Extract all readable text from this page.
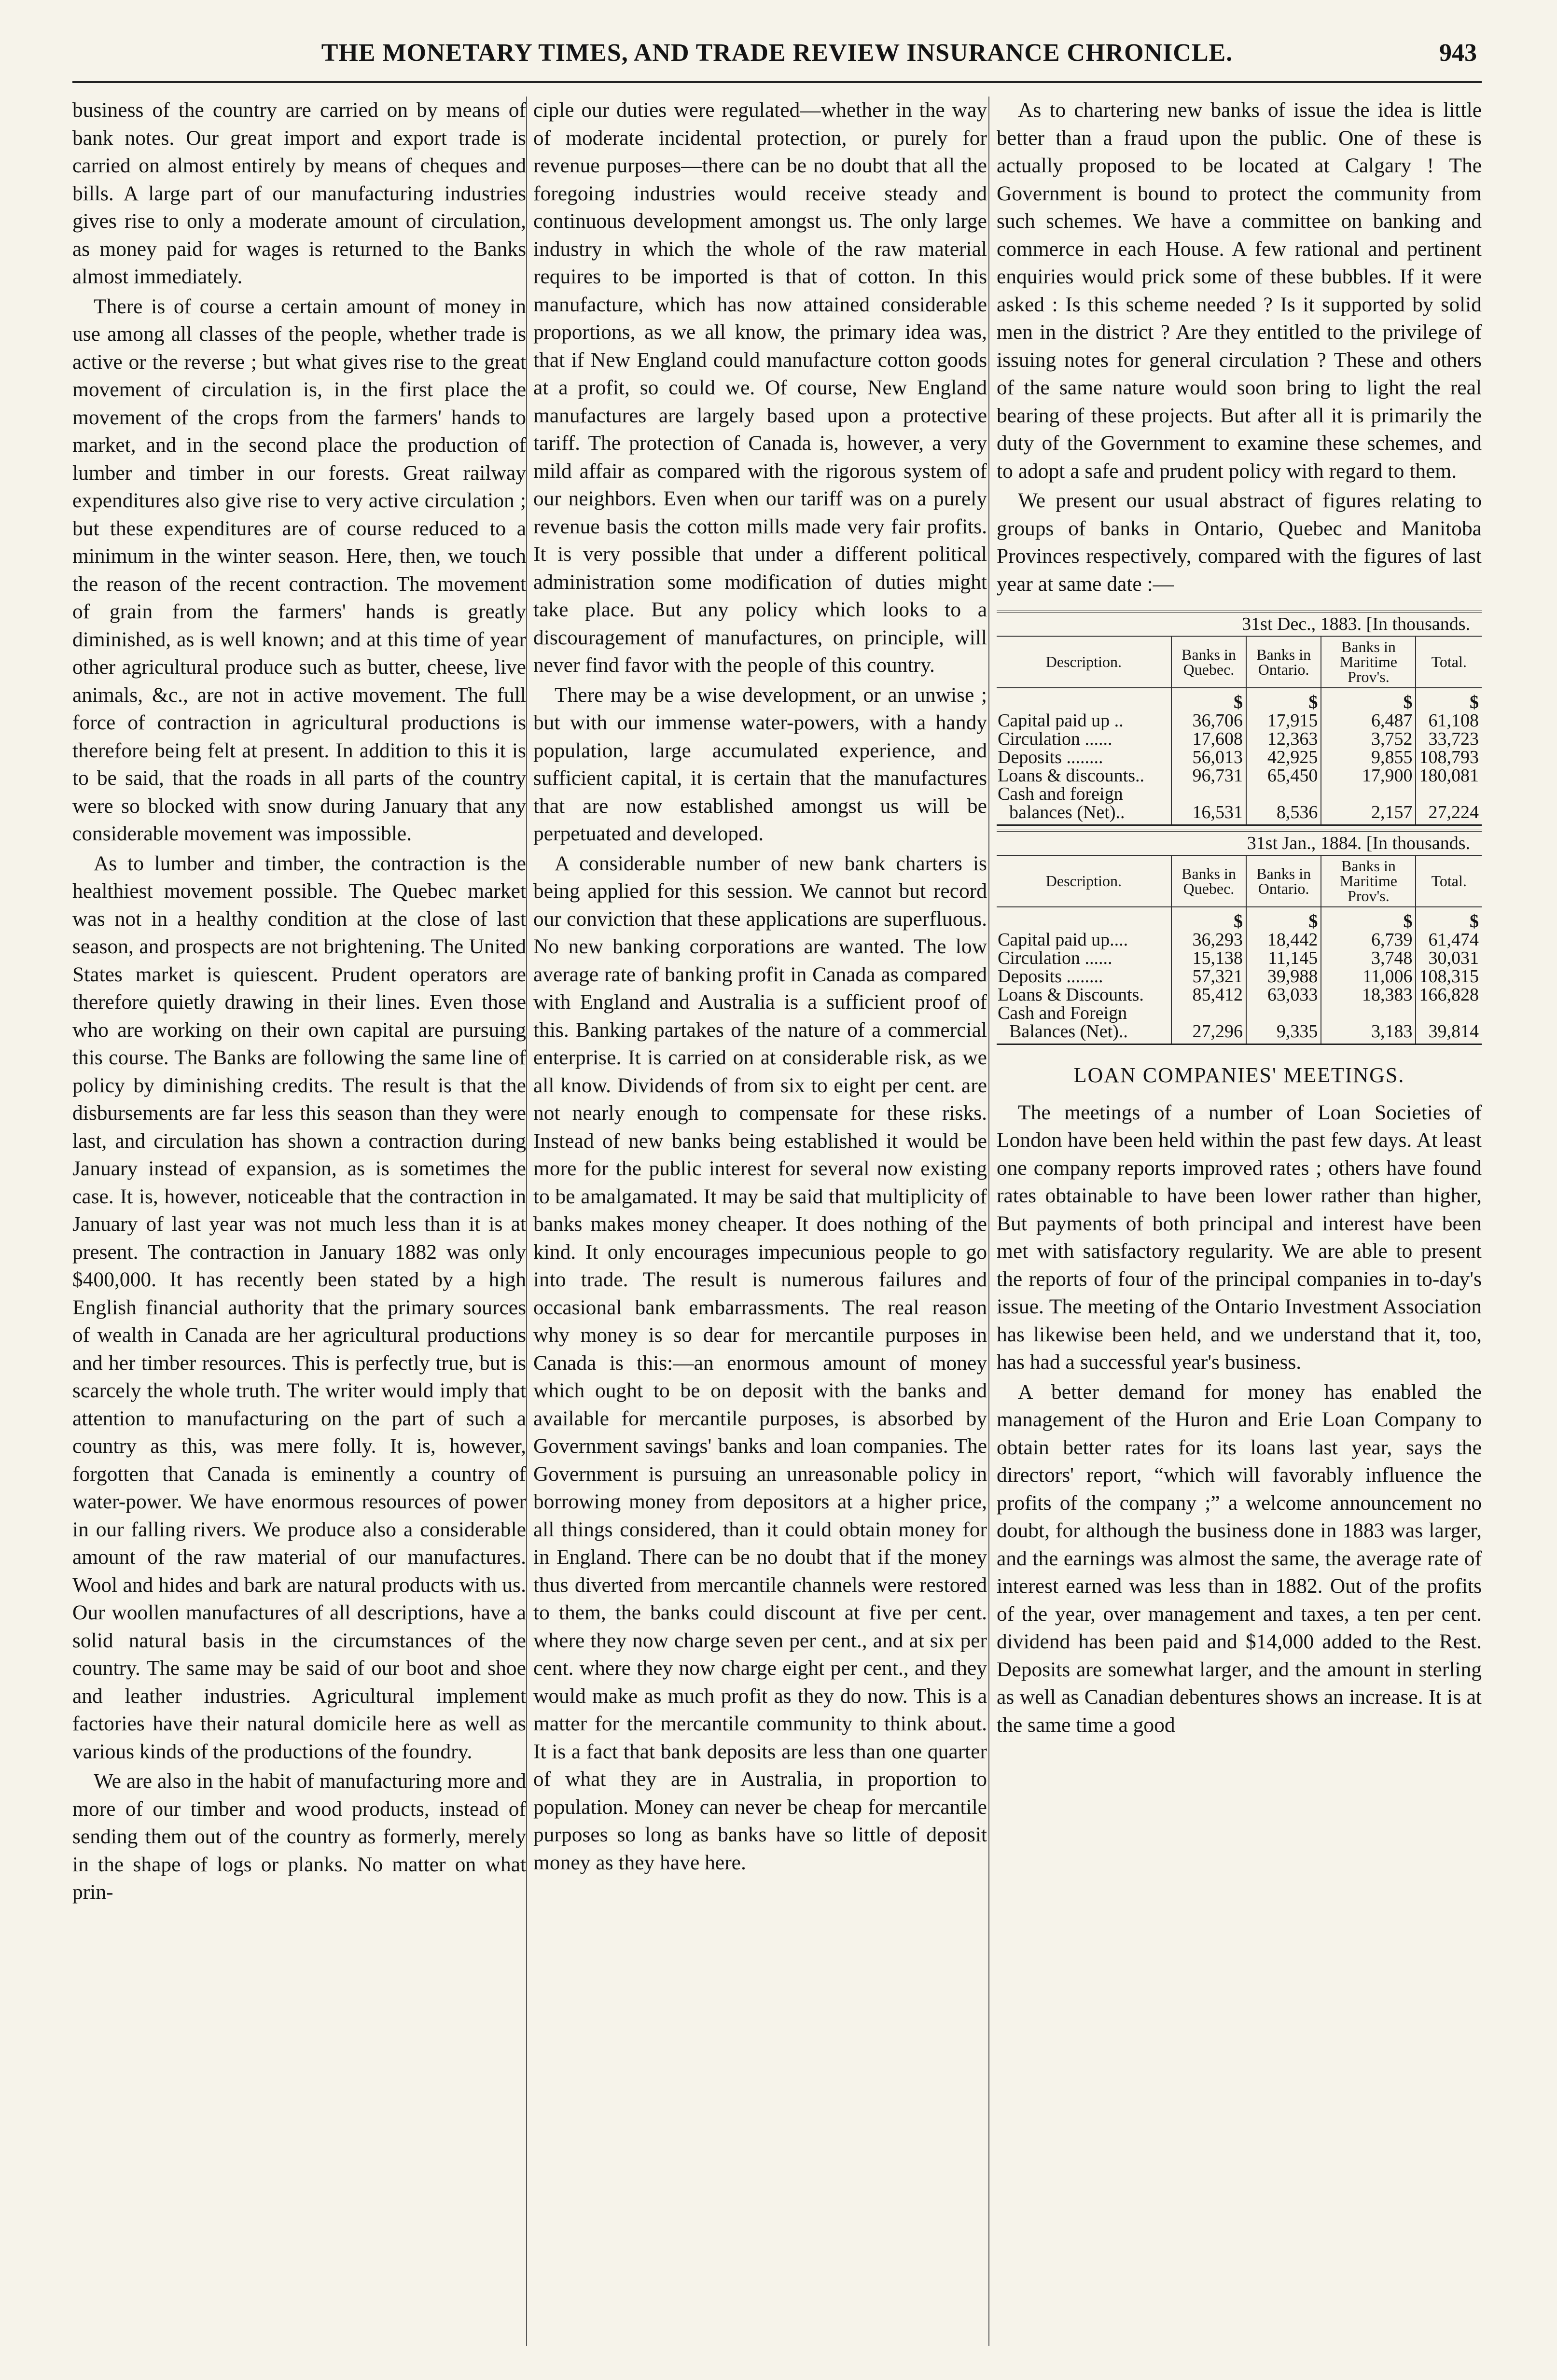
THE MONETARY TIMES, AND TRADE REVIEW INSURANCE CHRONICLE.	943

business of the country are carried on by means of bank notes. Our great import and export trade is carried on almost entirely by means of cheques and bills. A large part of our manufacturing industries gives rise to only a moderate amount of circulation, as money paid for wages is returned to the Banks almost immediately.

There is of course a certain amount of money in use among all classes of the people, whether trade is active or the reverse ; but what gives rise to the great movement of circulation is, in the first place the movement of the crops from the farmers' hands to market, and in the second place the production of lumber and timber in our forests. Great railway expenditures also give rise to very active circulation ; but these expenditures are of course reduced to a minimum in the winter season. Here, then, we touch the reason of the recent contraction. The movement of grain from the farmers' hands is greatly diminished, as is well known; and at this time of year other agricultural produce such as butter, cheese, live animals, &c., are not in active movement. The full force of contraction in agricultural productions is therefore being felt at present. In addition to this it is to be said, that the roads in all parts of the country were so blocked with snow during January that any considerable movement was impossible.

As to lumber and timber, the contraction is the healthiest movement possible. The Quebec market was not in a healthy condition at the close of last season, and prospects are not brightening. The United States market is quiescent. Prudent operators are therefore quietly drawing in their lines. Even those who are working on their own capital are pursuing this course. The Banks are following the same line of policy by diminishing credits. The result is that the disbursements are far less this season than they were last, and circulation has shown a contraction during January instead of expansion, as is sometimes the case. It is, however, noticeable that the contraction in January of last year was not much less than it is at present. The contraction in January 1882 was only $400,000. It has recently been stated by a high English financial authority that the primary sources of wealth in Canada are her agricultural productions and her timber resources. This is perfectly true, but is scarcely the whole truth. The writer would imply that attention to manufacturing on the part of such a country as this, was mere folly. It is, however, forgotten that Canada is eminently a country of water-power. We have enormous resources of power in our falling rivers. We produce also a considerable amount of the raw material of our manufactures. Wool and hides and bark are natural products with us. Our woollen manufactures of all descriptions, have a solid natural basis in the circumstances of the country. The same may be said of our boot and shoe and leather industries. Agricultural implement factories have their natural domicile here as well as various kinds of the productions of the foundry.

We are also in the habit of manufacturing more and more of our timber and wood products, instead of sending them out of the country as formerly, merely in the shape of logs or planks. No matter on what prin-

ciple our duties were regulated—whether in the way of moderate incidental protection, or purely for revenue purposes—there can be no doubt that all the foregoing industries would receive steady and continuous development amongst us. The only large industry in which the whole of the raw material requires to be imported is that of cotton. In this manufacture, which has now attained considerable proportions, as we all know, the primary idea was, that if New England could manufacture cotton goods at a profit, so could we. Of course, New England manufactures are largely based upon a protective tariff. The protection of Canada is, however, a very mild affair as compared with the rigorous system of our neighbors. Even when our tariff was on a purely revenue basis the cotton mills made very fair profits. It is very possible that under a different political administration some modification of duties might take place. But any policy which looks to a discouragement of manufactures, on principle, will never find favor with the people of this country.

There may be a wise development, or an unwise ; but with our immense water-powers, with a handy population, large accumulated experience, and sufficient capital, it is certain that the manufactures that are now established amongst us will be perpetuated and developed.

A considerable number of new bank charters is being applied for this session. We cannot but record our conviction that these applications are superfluous. No new banking corporations are wanted. The low average rate of banking profit in Canada as compared with England and Australia is a sufficient proof of this. Banking partakes of the nature of a commercial enterprise. It is carried on at considerable risk, as we all know. Dividends of from six to eight per cent. are not nearly enough to compensate for these risks. Instead of new banks being established it would be more for the public interest for several now existing to be amalgamated. It may be said that multiplicity of banks makes money cheaper. It does nothing of the kind. It only encourages impecunious people to go into trade. The result is numerous failures and occasional bank embarrassments. The real reason why money is so dear for mercantile purposes in Canada is this:—an enormous amount of money which ought to be on deposit with the banks and available for mercantile purposes, is absorbed by Government savings' banks and loan companies. The Government is pursuing an unreasonable policy in borrowing money from depositors at a higher price, all things considered, than it could obtain money for in England. There can be no doubt that if the money thus diverted from mercantile channels were restored to them, the banks could discount at five per cent. where they now charge seven per cent., and at six per cent. where they now charge eight per cent., and they would make as much profit as they do now. This is a matter for the mercantile community to think about. It is a fact that bank deposits are less than one quarter of what they are in Australia, in proportion to population. Money can never be cheap for mercantile purposes so long as banks have so little of deposit money as they have here.

As to chartering new banks of issue the idea is little better than a fraud upon the public. One of these is actually proposed to be located at Calgary ! The Government is bound to protect the community from such schemes. We have a committee on banking and commerce in each House. A few rational and pertinent enquiries would prick some of these bubbles. If it were asked : Is this scheme needed ? Is it supported by solid men in the district ? Are they entitled to the privilege of issuing notes for general circulation ? These and others of the same nature would soon bring to light the real bearing of these projects. But after all it is primarily the duty of the Government to examine these schemes, and to adopt a safe and prudent policy with regard to them.

We present our usual abstract of figures relating to groups of banks in Ontario, Quebec and Manitoba Provinces respectively, compared with the figures of last year at same date :—

31st Dec., 1883. [In thousands.
Description.	Banks in Quebec.	Banks in Ontario.	Banks in Maritime Prov's.	Total.
	$	$	$	$
Capital paid up ..	36,706	17,915	6,487	61,108
Circulation ......	17,608	12,363	3,752	33,723
Deposits ........	56,013	42,925	9,855	108,793
Loans & discounts..	96,731	65,450	17,900	180,081
Cash and foreign				
balances (Net)..	16,531	8,536	2,157	27,224
31st Jan., 1884. [In thousands.
Description.	Banks in Quebec.	Banks in Ontario.	Banks in Maritime Prov's.	Total.
	$	$	$	$
Capital paid up....	36,293	18,442	6,739	61,474
Circulation ......	15,138	11,145	3,748	30,031
Deposits ........	57,321	39,988	11,006	108,315
Loans & Discounts.	85,412	63,033	18,383	166,828
Cash and Foreign				
Balances (Net)..	27,296	9,335	3,183	39,814
LOAN COMPANIES' MEETINGS.

The meetings of a number of Loan Societies of London have been held within the past few days. At least one company reports improved rates ; others have found rates obtainable to have been lower rather than higher, But payments of both principal and interest have been met with satisfactory regularity. We are able to present the reports of four of the principal companies in to-day's issue. The meeting of the Ontario Investment Association has likewise been held, and we understand that it, too, has had a successful year's business.

A better demand for money has enabled the management of the Huron and Erie Loan Company to obtain better rates for its loans last year, says the directors' report, “which will favorably influence the profits of the company ;” a welcome announcement no doubt, for although the business done in 1883 was larger, and the earnings was almost the same, the average rate of interest earned was less than in 1882. Out of the profits of the year, over management and taxes, a ten per cent. dividend has been paid and $14,000 added to the Rest. Deposits are somewhat larger, and the amount in sterling as well as Canadian debentures shows an increase. It is at the same time a good
